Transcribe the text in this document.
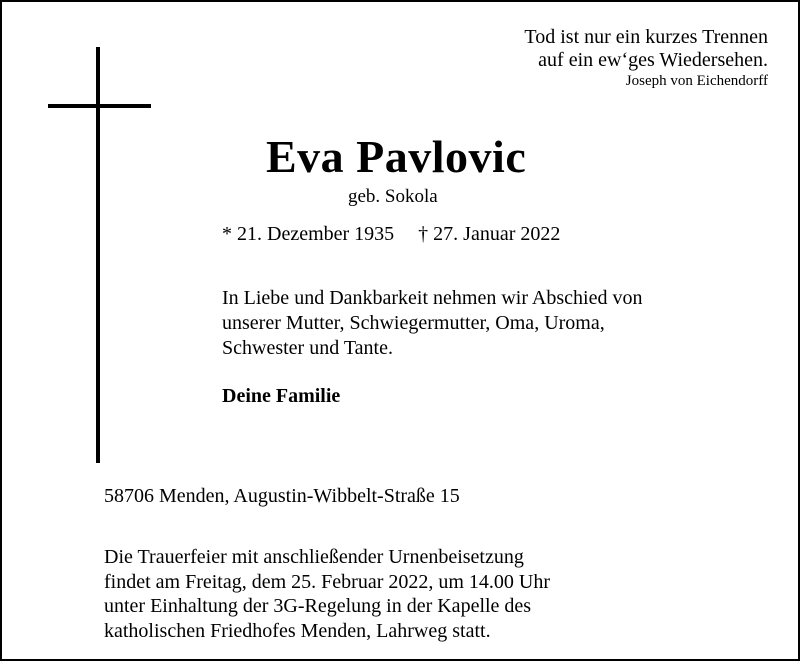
Tod ist nur ein kurzes Trennen
auf ein ew‘ges Wiedersehen.
Joseph von Eichendorff
Eva Pavlovic
geb. Sokola
* 21. Dezember 1935 † 27. Januar 2022
In Liebe und Dankbarkeit nehmen wir Abschied von
unserer Mutter, Schwiegermutter, Oma, Uroma,
Schwester und Tante.
Deine Familie
58706 Menden, Augustin-Wibbelt-Straße 15
Die Trauerfeier mit anschließender Urnenbeisetzung
findet am Freitag, dem 25. Februar 2022, um 14.00 Uhr
unter Einhaltung der 3G-Regelung in der Kapelle des
katholischen Friedhofes Menden, Lahrweg statt.
